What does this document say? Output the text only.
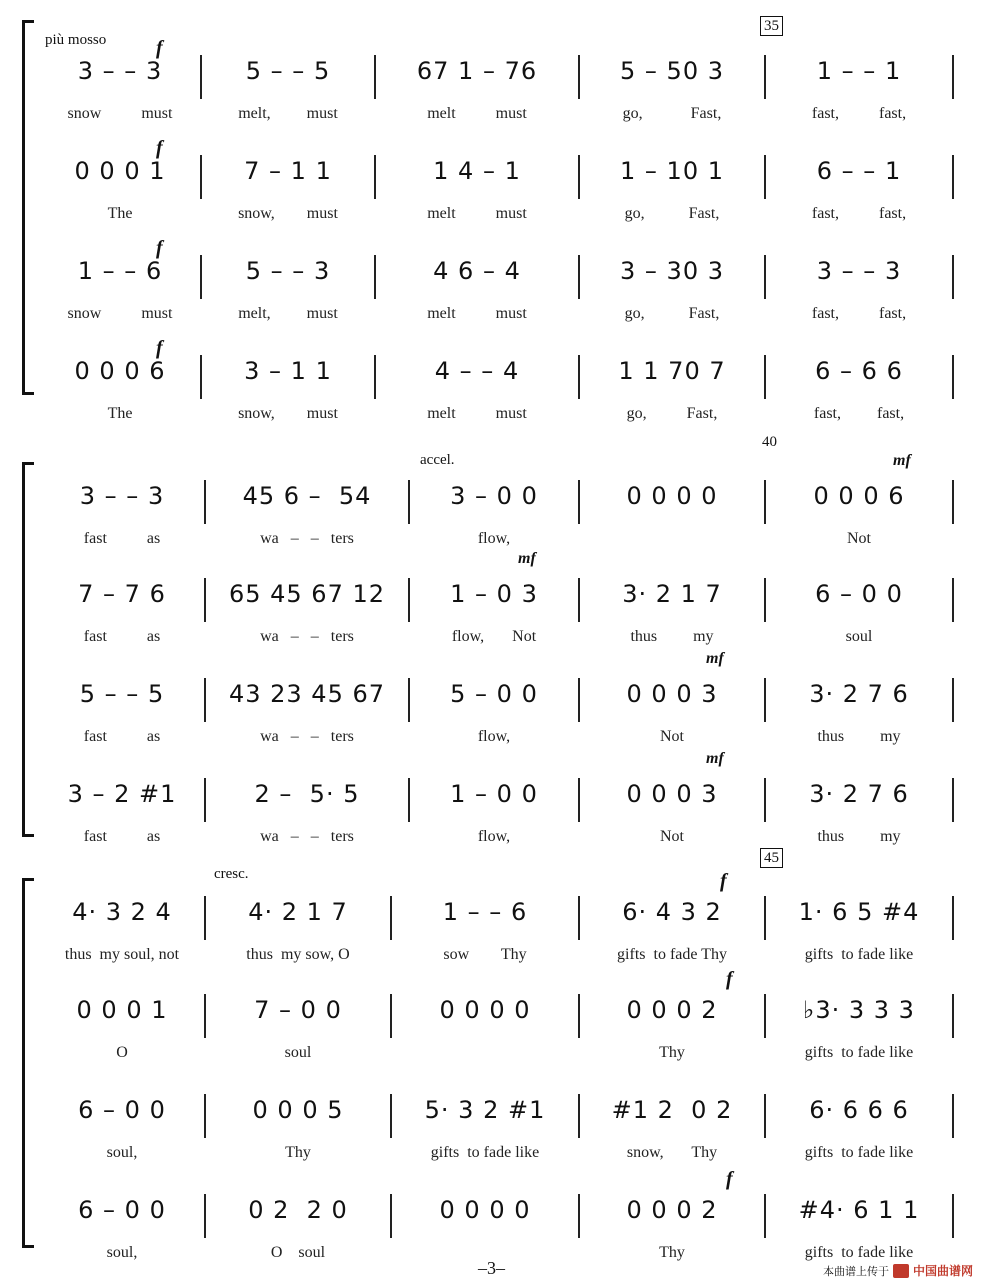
più mosso
35
f
3 – – 3
snow          must
5 – – 5
melt,         must
67 1 – 76
melt          must
5 – 50 3
go,            Fast,
1 – – 1
fast,          fast,
f
0 0 0 1
The
7 – 1 1
snow,        must
1 4 – 1
melt          must
1 – 10 1
go,           Fast,
6 – – 1
fast,          fast,
f
1 – – 6
snow          must
5 – – 3
melt,         must
4 6 – 4
melt          must
3 – 30 3
go,           Fast,
3 – – 3
fast,          fast,
f
0 0 0 6
The
3 – 1 1
snow,        must
4 – – 4
melt          must
1 1 70 7
go,          Fast,
6 – 6 6
fast,         fast,
accel.
40
mf
3 – – 3
fast          as
45 6 –  54
wa   –   –   ters
3 – 0 0
flow,
0 0 0 0	0 0 0 6
Not
mf
7 – 7 6
fast          as
65 45 67 12
wa   –   –   ters
1 – 0 3
flow,       Not
3· 2 1 7
thus         my
6 – 0 0
soul
mf
5 – – 5
fast          as
43 23 45 67
wa   –   –   ters
5 – 0 0
flow,
0 0 0 3
Not
3· 2 7 6
thus         my
mf
3 – 2 #1
fast          as
2 –  5· 5
wa   –   –   ters
1 – 0 0
flow,
0 0 0 3
Not
3· 2 7 6
thus         my
cresc.
45
f
4· 3 2 4
thus  my soul, not
4· 2 1 7
thus  my sow, O
1 – – 6
sow        Thy
6· 4 3 2
gifts  to fade Thy
1· 6 5 #4
gifts  to fade like
f
0 0 0 1
O
7 – 0 0
soul
0 0 0 0	0 0 0 2
Thy
♭3· 3 3 3
gifts  to fade like
6 – 0 0
soul,
0 0 0 5
Thy
5· 3 2 #1
gifts  to fade like
#1 2  0 2
snow,       Thy
6· 6 6 6
gifts  to fade like
f
6 – 0 0
soul,
0 2  2 0
O    soul
0 0 0 0	0 0 0 2
Thy
#4· 6 1 1
gifts  to fade like
–3–	本曲谱上传于 中国曲谱网
